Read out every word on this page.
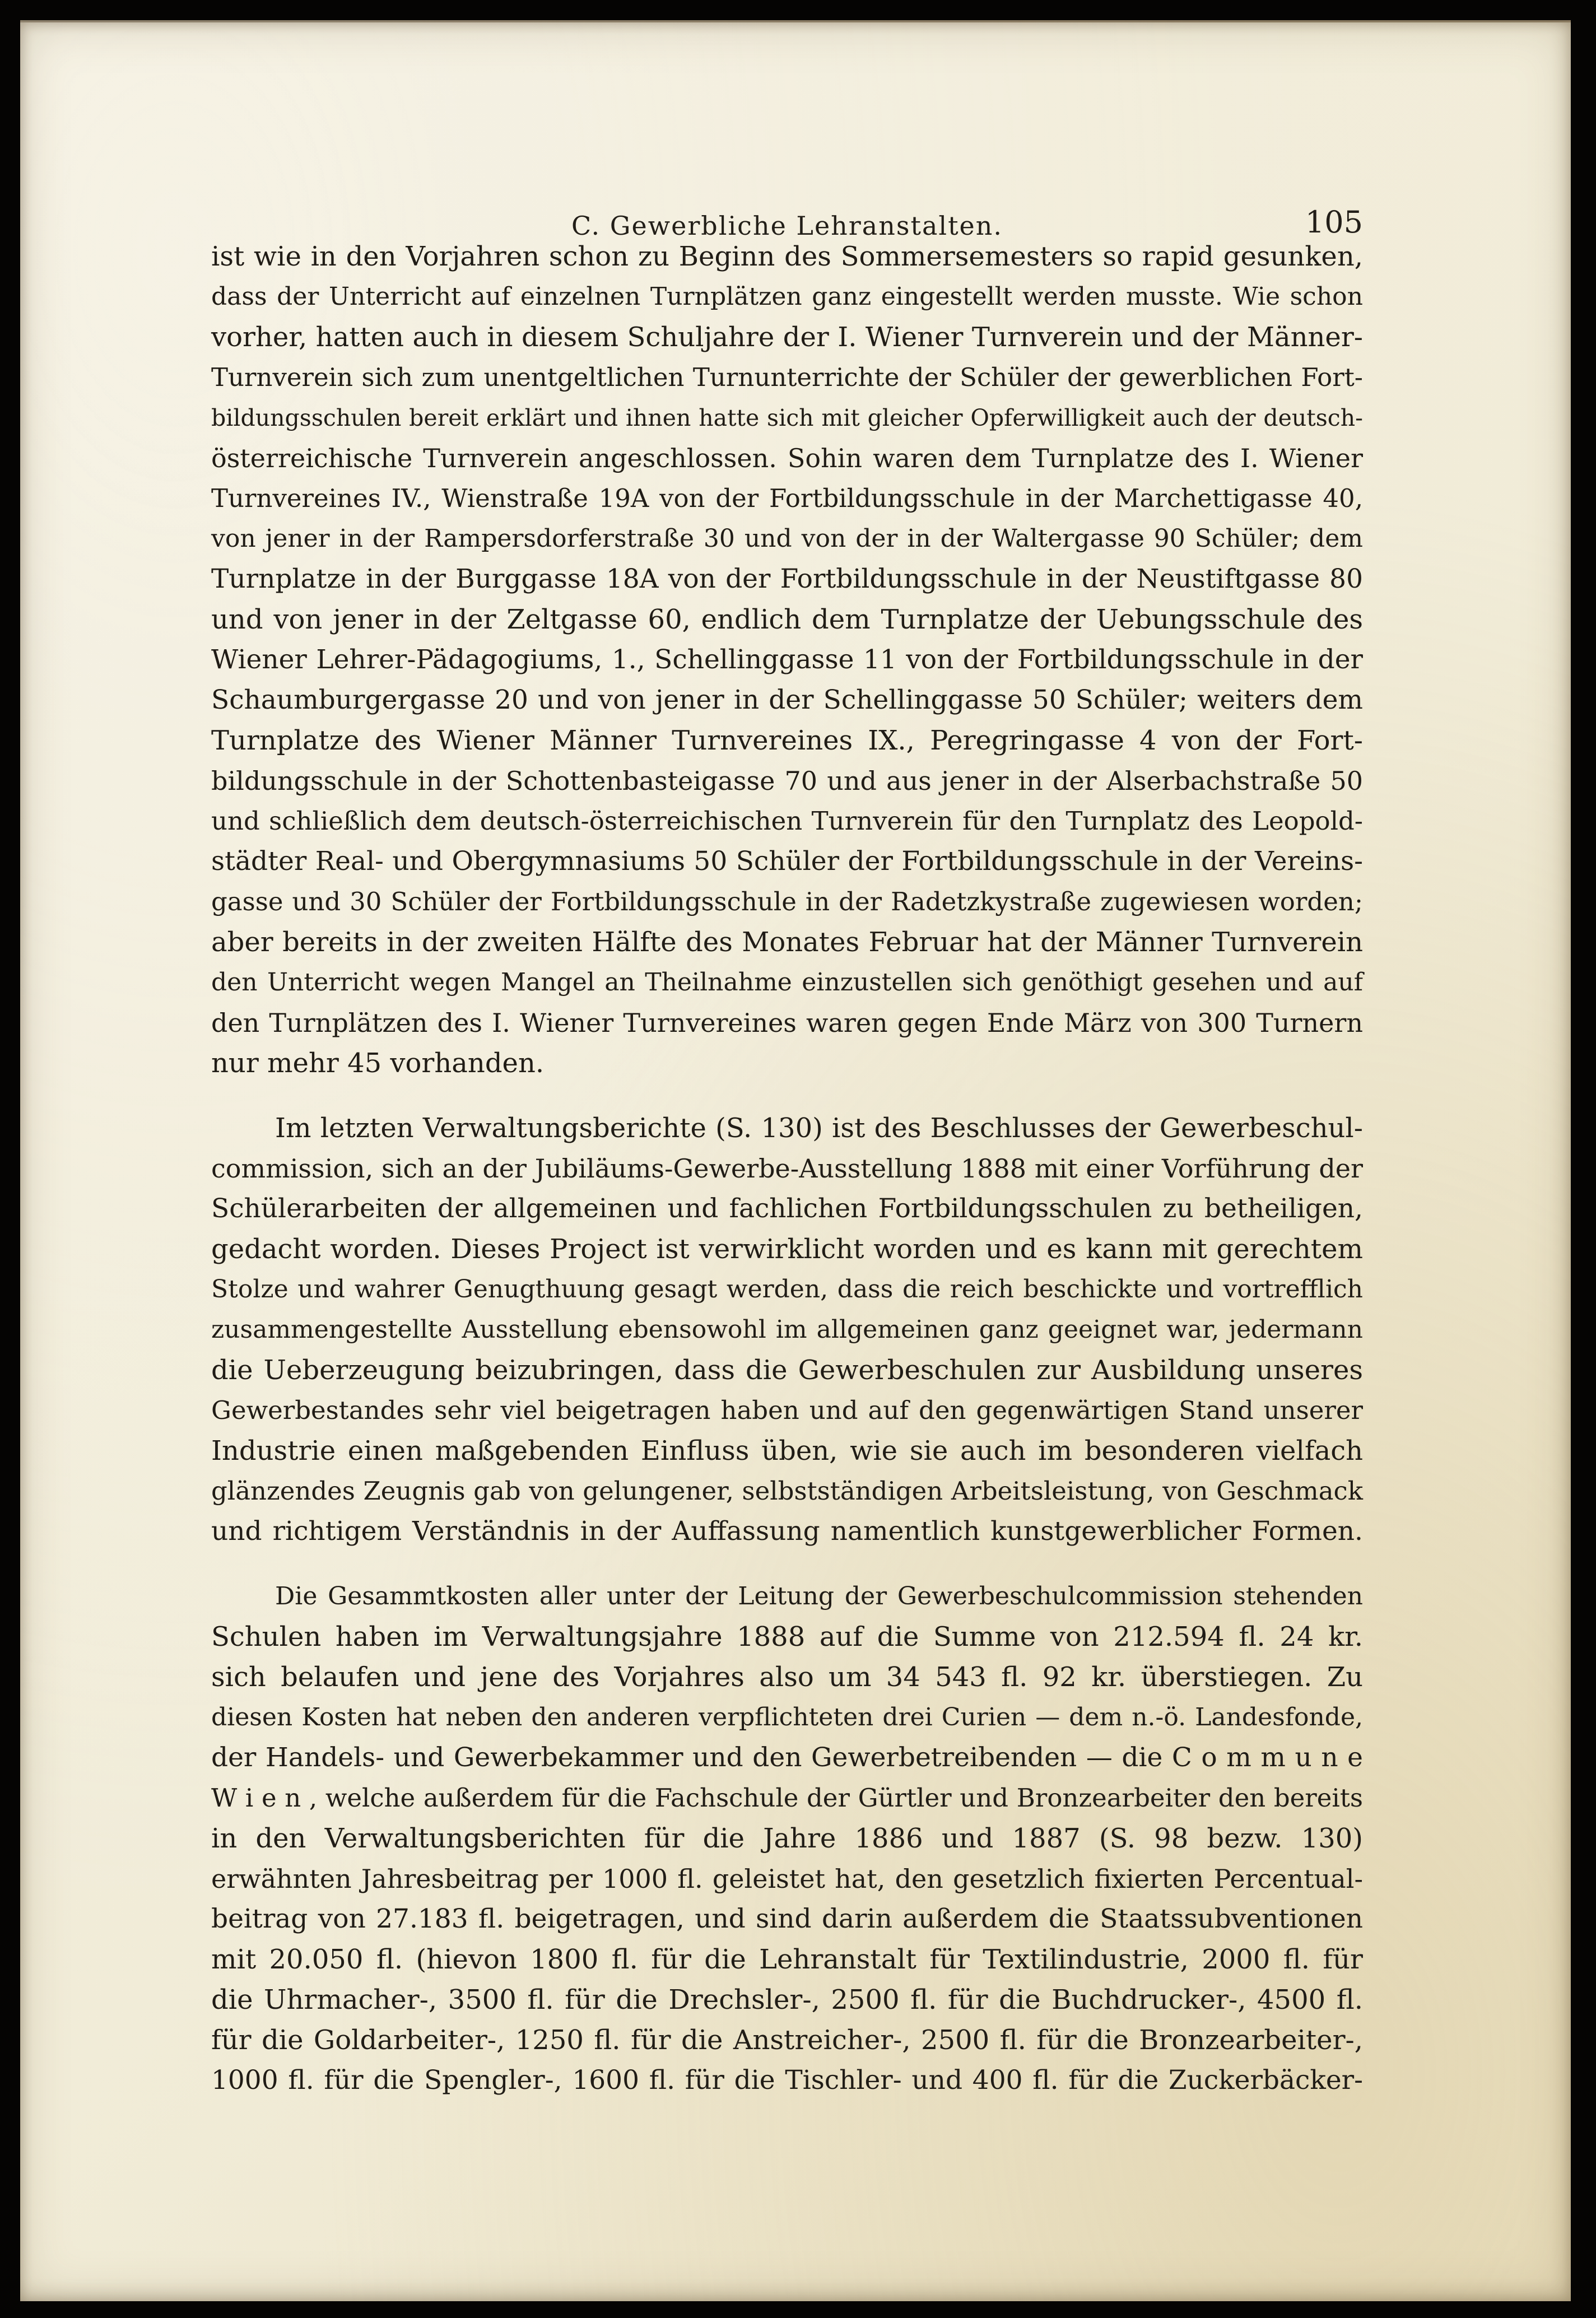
C. Gewerbliche Lehranstalten.	105
ist wie in den Vorjahren schon zu Beginn des Sommersemesters so rapid gesunken,
dass der Unterricht auf einzelnen Turnplätzen ganz eingestellt werden musste. Wie schon
vorher, hatten auch in diesem Schuljahre der I. Wiener Turnverein und der Männer-
Turnverein sich zum unentgeltlichen Turnunterrichte der Schüler der gewerblichen Fort-
bildungsschulen bereit erklärt und ihnen hatte sich mit gleicher Opferwilligkeit auch der deutsch-
österreichische Turnverein angeschlossen. Sohin waren dem Turnplatze des I. Wiener
Turnvereines IV., Wienstraße 19A von der Fortbildungsschule in der Marchettigasse 40,
von jener in der Rampersdorferstraße 30 und von der in der Waltergasse 90 Schüler; dem
Turnplatze in der Burggasse 18A von der Fortbildungsschule in der Neustiftgasse 80
und von jener in der Zeltgasse 60, endlich dem Turnplatze der Uebungsschule des
Wiener Lehrer-Pädagogiums, 1., Schellinggasse 11 von der Fortbildungsschule in der
Schaumburgergasse 20 und von jener in der Schellinggasse 50 Schüler; weiters dem
Turnplatze des Wiener Männer Turnvereines IX., Peregringasse 4 von der Fort-
bildungsschule in der Schottenbasteigasse 70 und aus jener in der Alserbachstraße 50
und schließlich dem deutsch-österreichischen Turnverein für den Turnplatz des Leopold-
städter Real- und Obergymnasiums 50 Schüler der Fortbildungsschule in der Vereins-
gasse und 30 Schüler der Fortbildungsschule in der Radetzkystraße zugewiesen worden;
aber bereits in der zweiten Hälfte des Monates Februar hat der Männer Turnverein
den Unterricht wegen Mangel an Theilnahme einzustellen sich genöthigt gesehen und auf
den Turnplätzen des I. Wiener Turnvereines waren gegen Ende März von 300 Turnern
nur mehr 45 vorhanden.
Im letzten Verwaltungsberichte (S. 130) ist des Beschlusses der Gewerbeschul-
commission, sich an der Jubiläums-Gewerbe-Ausstellung 1888 mit einer Vorführung der
Schülerarbeiten der allgemeinen und fachlichen Fortbildungsschulen zu betheiligen,
gedacht worden. Dieses Project ist verwirklicht worden und es kann mit gerechtem
Stolze und wahrer Genugthuung gesagt werden, dass die reich beschickte und vortrefflich
zusammengestellte Ausstellung ebensowohl im allgemeinen ganz geeignet war, jedermann
die Ueberzeugung beizubringen, dass die Gewerbeschulen zur Ausbildung unseres
Gewerbestandes sehr viel beigetragen haben und auf den gegenwärtigen Stand unserer
Industrie einen maßgebenden Einfluss üben, wie sie auch im besonderen vielfach
glänzendes Zeugnis gab von gelungener, selbstständigen Arbeitsleistung, von Geschmack
und richtigem Verständnis in der Auffassung namentlich kunstgewerblicher Formen.
Die Gesammtkosten aller unter der Leitung der Gewerbeschulcommission stehenden
Schulen haben im Verwaltungsjahre 1888 auf die Summe von 212.594 fl. 24 kr.
sich belaufen und jene des Vorjahres also um 34 543 fl. 92 kr. überstiegen. Zu
diesen Kosten hat neben den anderen verpflichteten drei Curien — dem n.-ö. Landesfonde,
der Handels- und Gewerbekammer und den Gewerbetreibenden — die C o m m u n e
W i e n , welche außerdem für die Fachschule der Gürtler und Bronzearbeiter den bereits
in den Verwaltungsberichten für die Jahre 1886 und 1887 (S. 98 bezw. 130)
erwähnten Jahresbeitrag per 1000 fl. geleistet hat, den gesetzlich fixierten Percentual-
beitrag von 27.183 fl. beigetragen, und sind darin außerdem die Staatssubventionen
mit 20.050 fl. (hievon 1800 fl. für die Lehranstalt für Textilindustrie, 2000 fl. für
die Uhrmacher-, 3500 fl. für die Drechsler-, 2500 fl. für die Buchdrucker-, 4500 fl.
für die Goldarbeiter-, 1250 fl. für die Anstreicher-, 2500 fl. für die Bronzearbeiter-,
1000 fl. für die Spengler-, 1600 fl. für die Tischler- und 400 fl. für die Zuckerbäcker-
